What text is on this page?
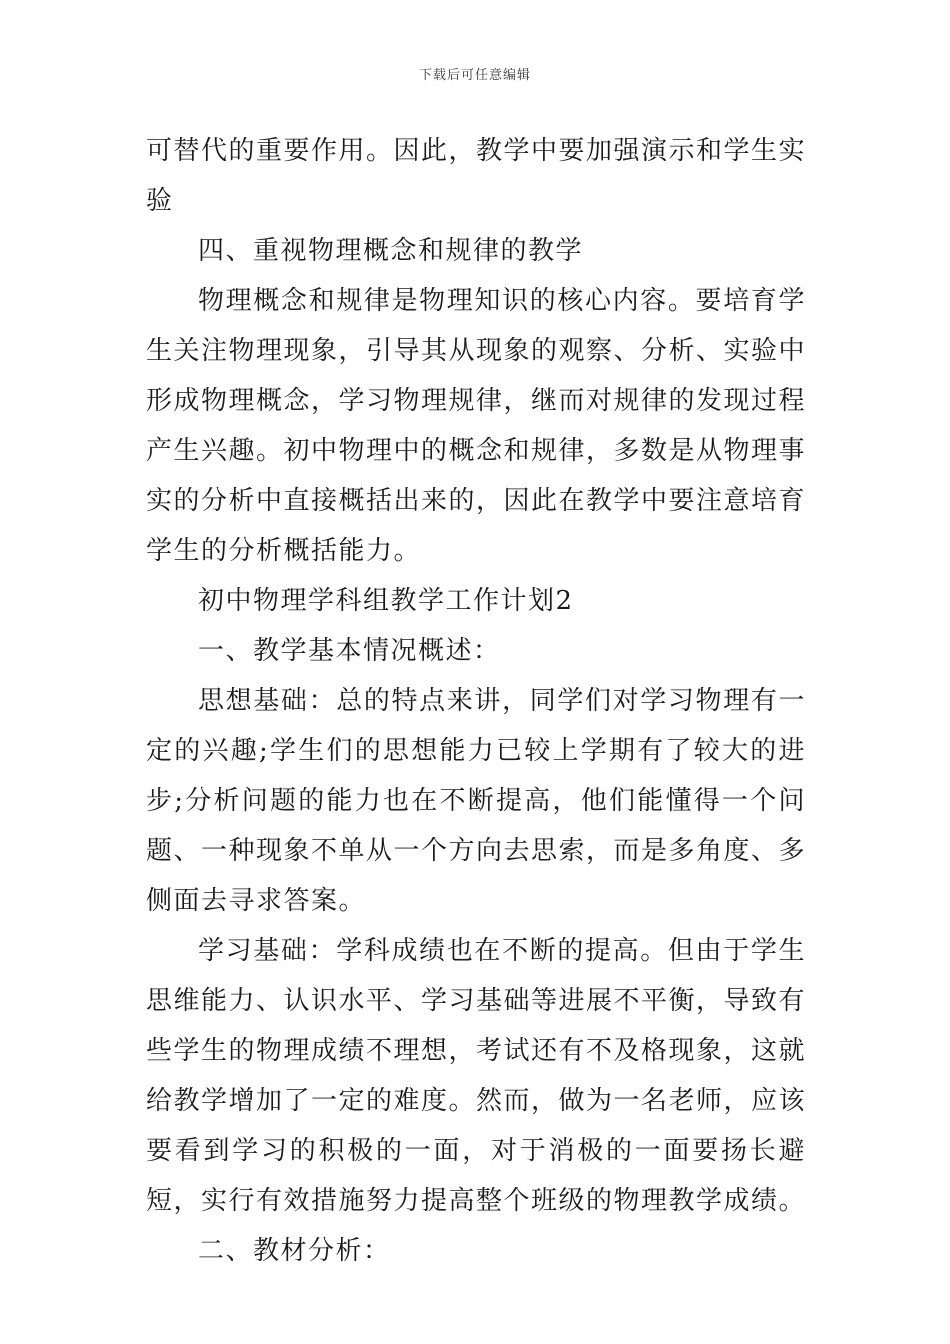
下载后可任意编辑

可替代的重要作用。因此，教学中要加强演示和学生实验

四、重视物理概念和规律的教学

物理概念和规律是物理知识的核心内容。要培育学生关注物理现象，引导其从现象的观察、分析、实验中形成物理概念，学习物理规律，继而对规律的发现过程产生兴趣。初中物理中的概念和规律，多数是从物理事实的分析中直接概括出来的，因此在教学中要注意培育学生的分析概括能力。

初中物理学科组教学工作计划2

一、教学基本情况概述：

思想基础：总的特点来讲，同学们对学习物理有一定的兴趣;学生们的思想能力已较上学期有了较大的进步;分析问题的能力也在不断提高，他们能懂得一个问题、一种现象不单从一个方向去思索，而是多角度、多侧面去寻求答案。

学习基础：学科成绩也在不断的提高。但由于学生思维能力、认识水平、学习基础等进展不平衡，导致有些学生的物理成绩不理想，考试还有不及格现象，这就给教学增加了一定的难度。然而，做为一名老师，应该要看到学习的积极的一面，对于消极的一面要扬长避短，实行有效措施努力提高整个班级的物理教学成绩。

二、教材分析：
